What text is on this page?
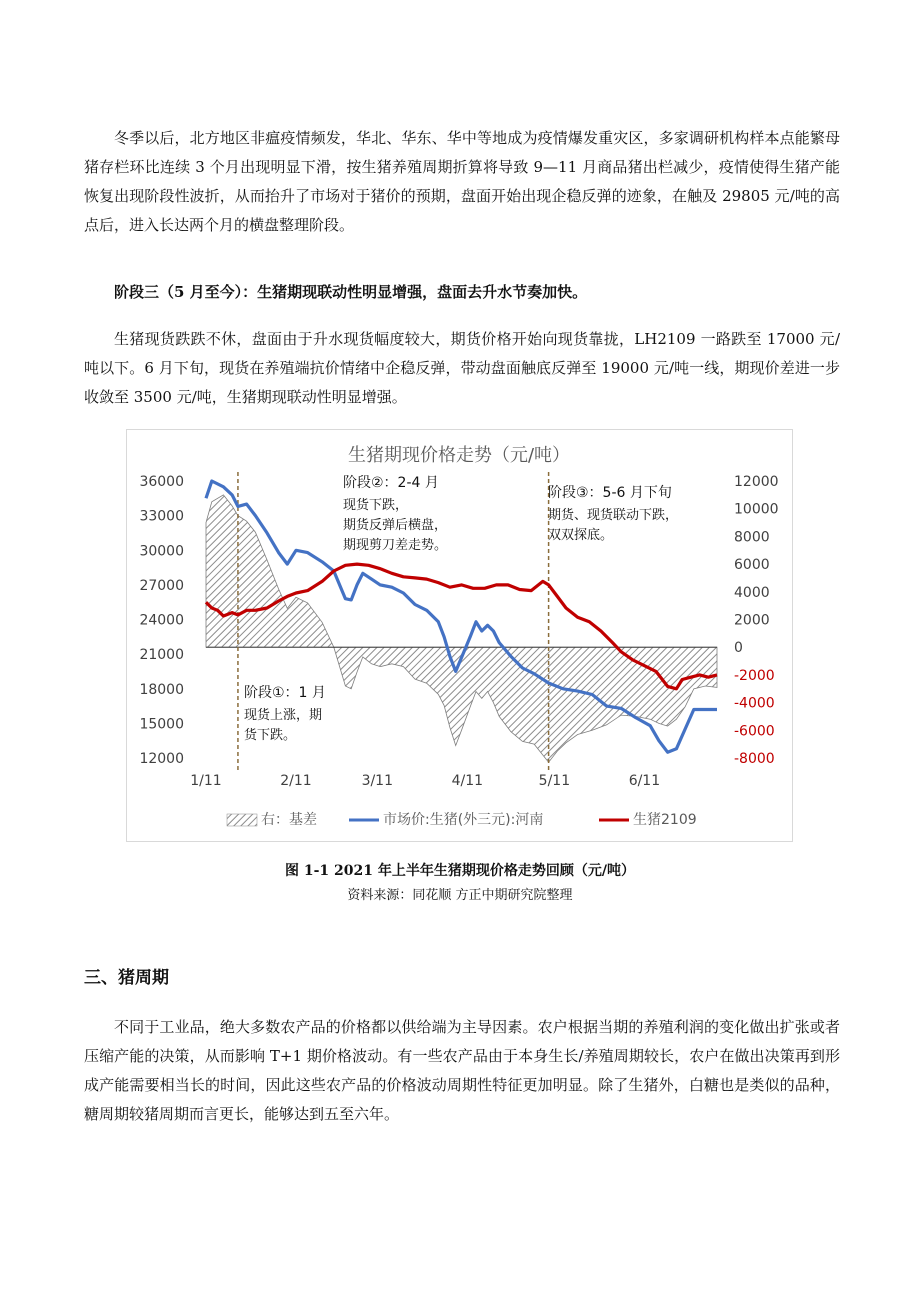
冬季以后，北方地区非瘟疫情频发，华北、华东、华中等地成为疫情爆发重灾区，多家调研机构样本点能繁母猪存栏环比连续 3 个月出现明显下滑，按生猪养殖周期折算将导致 9—11 月商品猪出栏减少，疫情使得生猪产能恢复出现阶段性波折，从而抬升了市场对于猪价的预期，盘面开始出现企稳反弹的迹象，在触及 29805 元/吨的高点后，进入长达两个月的横盘整理阶段。

阶段三（5 月至今）：生猪期现联动性明显增强，盘面去升水节奏加快。

生猪现货跌跌不休，盘面由于升水现货幅度较大，期货价格开始向现货靠拢，LH2109 一路跌至 17000 元/吨以下。6 月下旬，现货在养殖端抗价情绪中企稳反弹，带动盘面触底反弹至 19000 元/吨一线，期现价差进一步收敛至 3500 元/吨，生猪期现联动性明显增强。

生猪期现价格走势（元/吨）
36000
33000
30000
27000
24000
21000
18000
15000
12000
12000
10000
8000
6000
4000
2000
0
-2000
-4000
-6000
-8000
1/11	2/11	3/11	4/11	5/11	6/11
阶段②：2-4 月
现货下跌，
期货反弹后横盘，
期现剪刀差走势。
阶段③：5-6 月下旬
期货、现货联动下跌，
双双探底。
阶段①：1 月
现货上涨，期
货下跌。
右：基差	市场价:生猪(外三元):河南	生猪2109

图 1-1 2021 年上半年生猪期现价格走势回顾（元/吨）

资料来源：同花顺 方正中期研究院整理

三、猪周期

不同于工业品，绝大多数农产品的价格都以供给端为主导因素。农户根据当期的养殖利润的变化做出扩张或者压缩产能的决策，从而影响 T+1 期价格波动。有一些农产品由于本身生长/养殖周期较长，农户在做出决策再到形成产能需要相当长的时间，因此这些农产品的价格波动周期性特征更加明显。除了生猪外，白糖也是类似的品种，糖周期较猪周期而言更长，能够达到五至六年。
